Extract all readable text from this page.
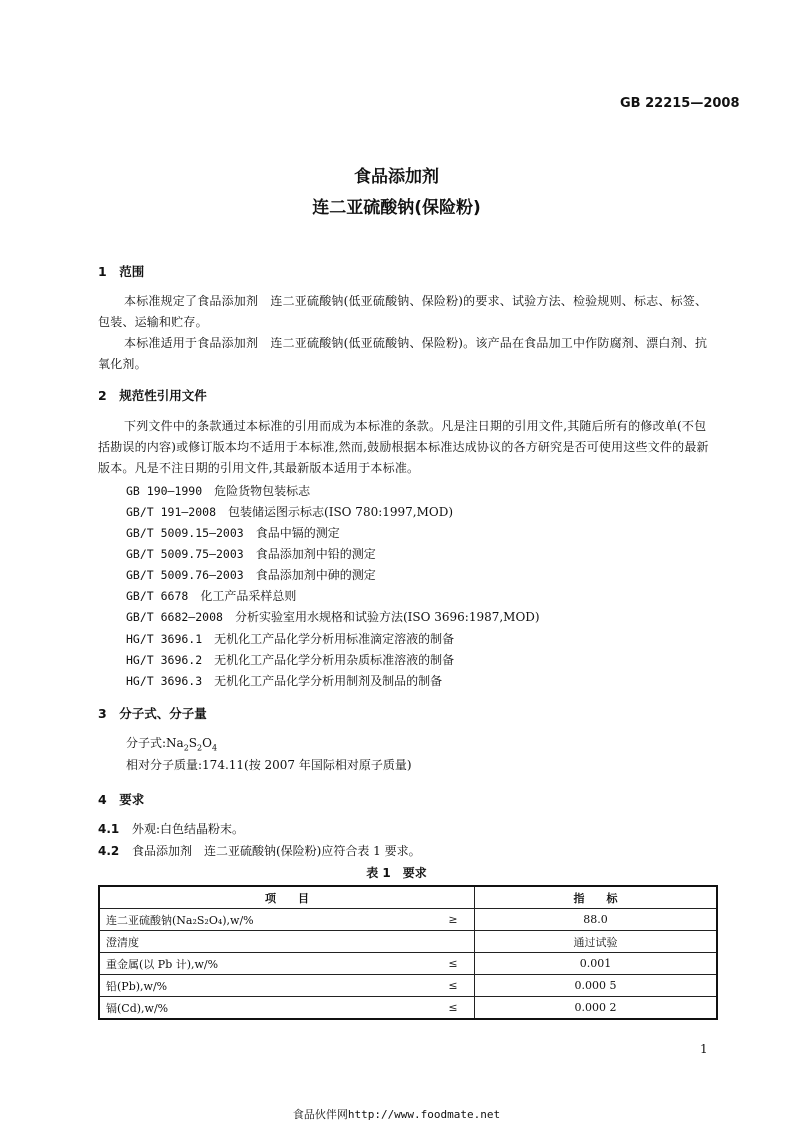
GB 22215—2008
食品添加剂
连二亚硫酸钠(保险粉)
1　范围
本标准规定了食品添加剂　连二亚硫酸钠(低亚硫酸钠、保险粉)的要求、试验方法、检验规则、标志、标签、包装、运输和贮存。
本标准适用于食品添加剂　连二亚硫酸钠(低亚硫酸钠、保险粉)。该产品在食品加工中作防腐剂、漂白剂、抗氧化剂。
2　规范性引用文件
下列文件中的条款通过本标准的引用而成为本标准的条款。凡是注日期的引用文件,其随后所有的修改单(不包括勘误的内容)或修订版本均不适用于本标准,然而,鼓励根据本标准达成协议的各方研究是否可使用这些文件的最新版本。凡是不注日期的引用文件,其最新版本适用于本标准。
GB 190—1990 危险货物包装标志
GB/T 191—2008 包装储运图示标志(ISO 780:1997,MOD)
GB/T 5009.15—2003 食品中镉的测定
GB/T 5009.75—2003 食品添加剂中铅的测定
GB/T 5009.76—2003 食品添加剂中砷的测定
GB/T 6678 化工产品采样总则
GB/T 6682—2008 分析实验室用水规格和试验方法(ISO 3696:1987,MOD)
HG/T 3696.1 无机化工产品化学分析用标准滴定溶液的制备
HG/T 3696.2 无机化工产品化学分析用杂质标准溶液的制备
HG/T 3696.3 无机化工产品化学分析用制剂及制品的制备
3　分子式、分子量
分子式$:Na_2S_2O_4$
相对分子质量:174.11(按 2007 年国际相对原子质量)
4　要求
4.1 外观:白色结晶粉末。
4.2 食品添加剂　连二亚硫酸钠(保险粉)应符合表 1 要求。
表 1　要求
项　　目		指　　标
连二亚硫酸钠(Na₂S₂O₄),w/%	≥	88.0
澄清度		通过试验
重金属(以 Pb 计),w/%	≤	0.001
铅(Pb),w/%	≤	0.000 5
镉(Cd),w/%	≤	0.000 2
1
食品伙伴网http://www.foodmate.net
